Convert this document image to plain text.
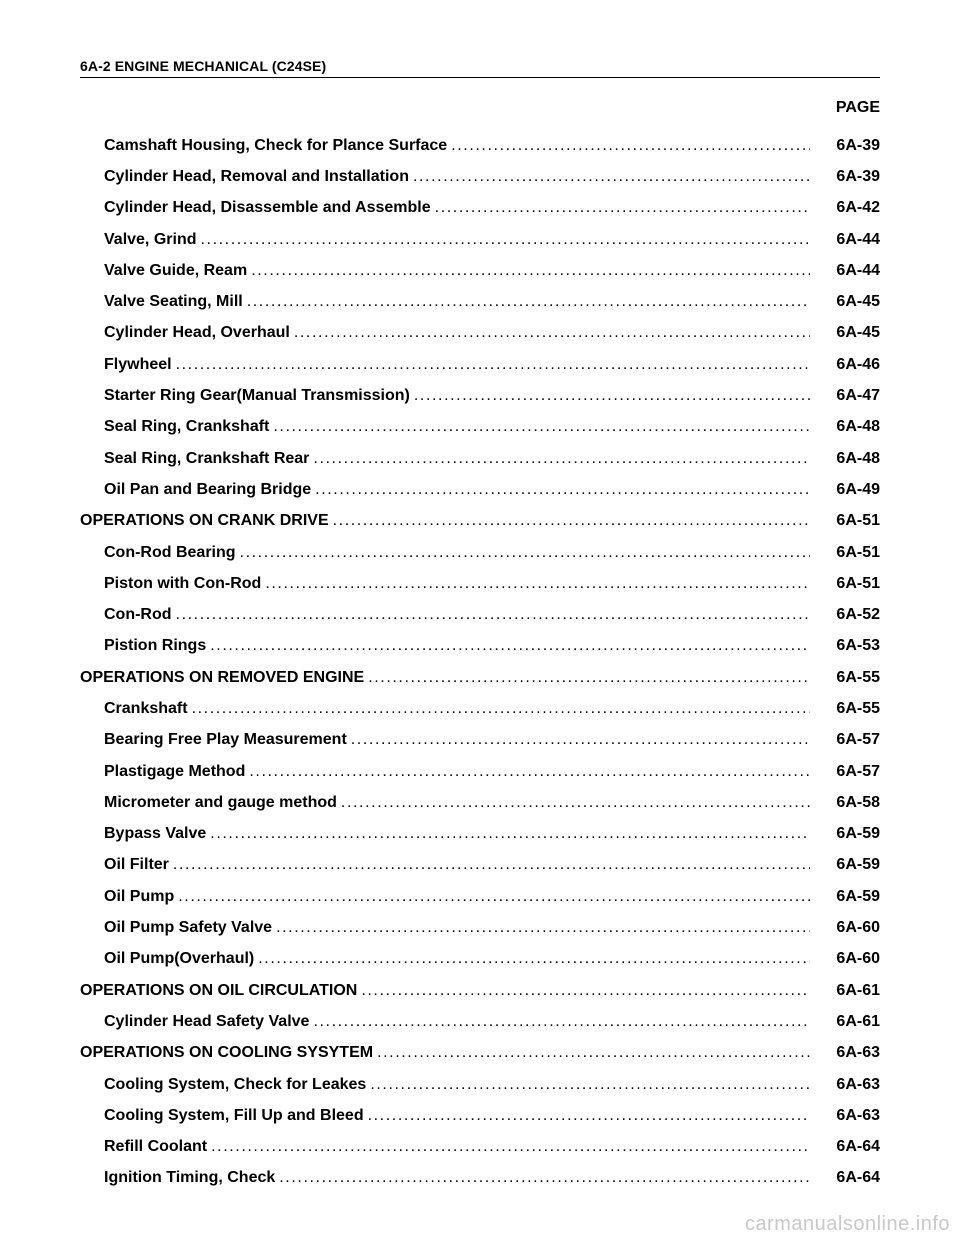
6A-2 ENGINE MECHANICAL (C24SE)
PAGE
Camshaft Housing, Check for Plance Surface .....	6A-39
Cylinder Head, Removal and Installation .....	6A-39
Cylinder Head, Disassemble and Assemble .....	6A-42
Valve, Grind .....	6A-44
Valve Guide, Ream .....	6A-44
Valve Seating, Mill .....	6A-45
Cylinder Head, Overhaul .....	6A-45
Flywheel .....	6A-46
Starter Ring Gear(Manual Transmission) .....	6A-47
Seal Ring, Crankshaft .....	6A-48
Seal Ring, Crankshaft Rear .....	6A-48
Oil Pan and Bearing Bridge .....	6A-49
OPERATIONS ON CRANK DRIVE .....	6A-51
Con-Rod Bearing .....	6A-51
Piston with Con-Rod .....	6A-51
Con-Rod .....	6A-52
Pistion Rings .....	6A-53
OPERATIONS ON REMOVED ENGINE .....	6A-55
Crankshaft .....	6A-55
Bearing Free Play Measurement .....	6A-57
Plastigage Method .....	6A-57
Micrometer and gauge method .....	6A-58
Bypass Valve .....	6A-59
Oil Filter .....	6A-59
Oil Pump .....	6A-59
Oil Pump Safety Valve .....	6A-60
Oil Pump(Overhaul) .....	6A-60
OPERATIONS ON OIL CIRCULATION .....	6A-61
Cylinder Head Safety Valve .....	6A-61
OPERATIONS ON COOLING SYSYTEM .....	6A-63
Cooling System, Check for Leakes .....	6A-63
Cooling System, Fill Up and Bleed .....	6A-63
Refill Coolant .....	6A-64
Ignition Timing, Check .....	6A-64
carmanualsonline.info
